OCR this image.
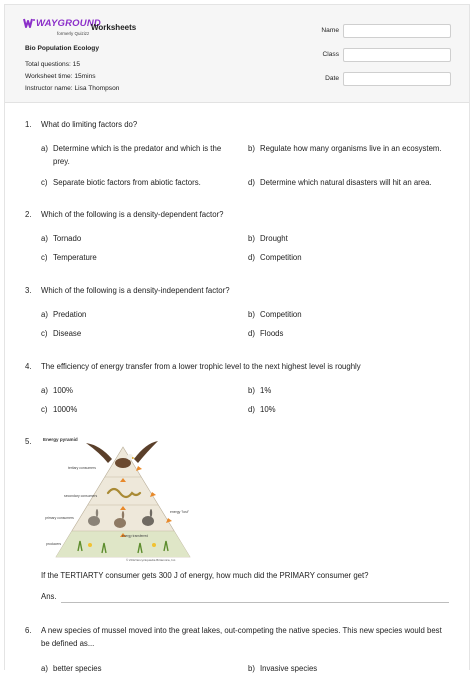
WAYGROUND
formerly Quizizz
Worksheets
Bio Population Ecology
Total questions: 15
Worksheet time: 15mins
Instructor name: Lisa Thompson
Name
Class
Date
1. What do limiting factors do?
a) Determine which is the predator and which is the prey.
b) Regulate how many organisms live in an ecosystem.
c) Separate biotic factors from abiotic factors.	d) Determine which natural disasters will hit an area.
2. Which of the following is a density-dependent factor?
a) Tornado	b) Drought
c) Temperature	d) Competition
3. Which of the following is a density-independent factor?
a) Predation	b) Competition
c) Disease	d) Floods
4. The efficiency of energy transfer from a lower trophic level to the next highest level is roughly
a) 100%	b) 1%
c) 1000%	d) 10%
5. Energy pyramid
tertiary consumers
secondary consumers
primary consumers
producers
energy "lost"
energy transferred
© 2012 Encyclopædia Britannica, Inc.
If the TERTIARTY consumer gets 300 J of energy, how much did the PRIMARY consumer get?
Ans.
6. A new species of mussel moved into the great lakes, out-competing the native species. This new species would best be defined as...
a) better species	b) Invasive species
